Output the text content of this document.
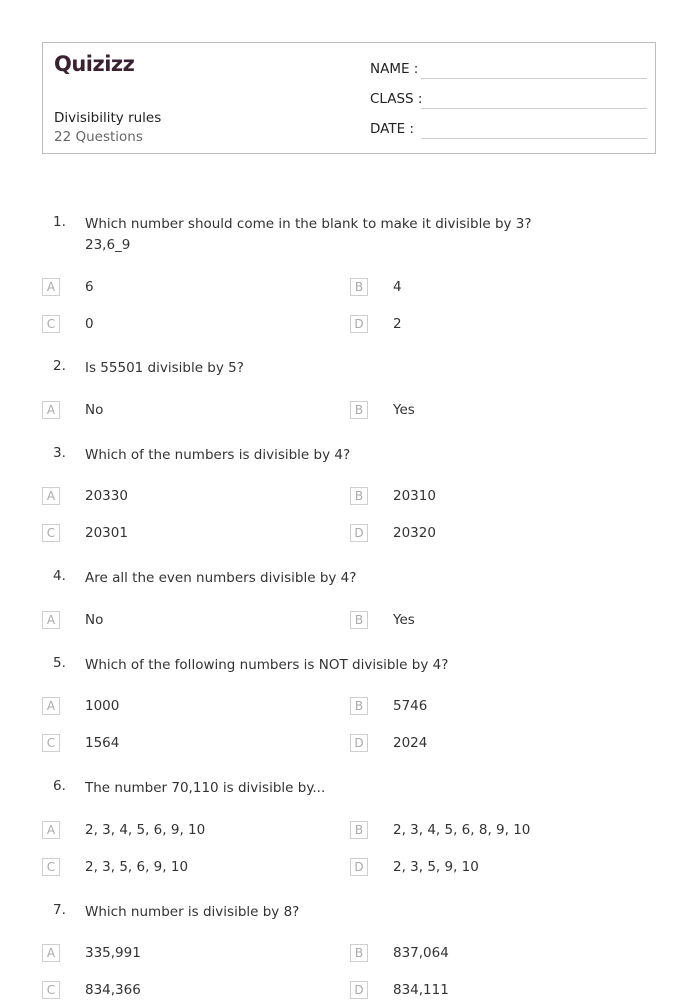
Quizizz
Divisibility rules
22 Questions
NAME :
CLASS :
DATE :
1. Which number should come in the blank to make it divisible by 3?
23,6_9
A	6	B	4
C	0	D	2
2. Is 55501 divisible by 5?
A	No	B	Yes
3. Which of the numbers is divisible by 4?
A	20330	B	20310
C	20301	D	20320
4. Are all the even numbers divisible by 4?
A	No	B	Yes
5. Which of the following numbers is NOT divisible by 4?
A	1000	B	5746
C	1564	D	2024
6. The number 70,110 is divisible by...
A	2, 3, 4, 5, 6, 9, 10	B	2, 3, 4, 5, 6, 8, 9, 10
C	2, 3, 5, 6, 9, 10	D	2, 3, 5, 9, 10
7. Which number is divisible by 8?
A	335,991	B	837,064
C	834,366	D	834,111
